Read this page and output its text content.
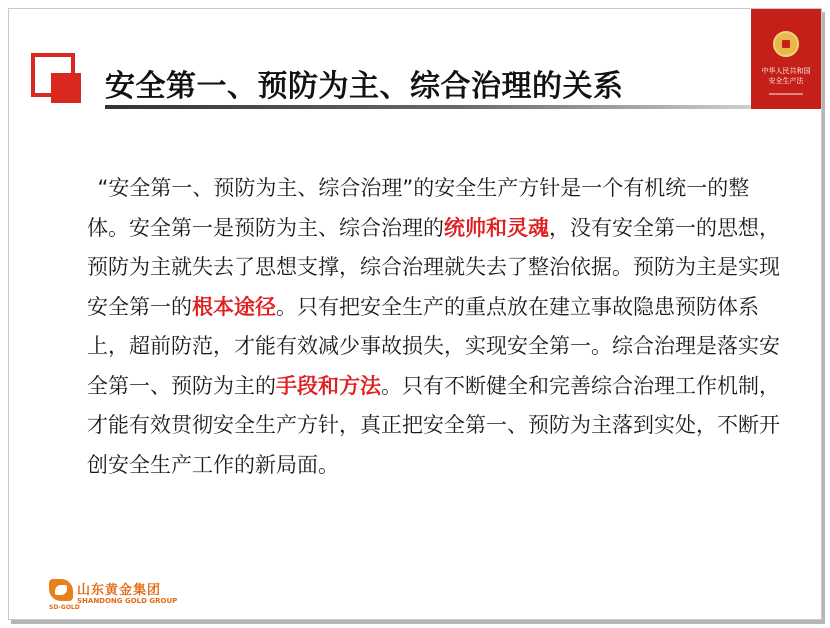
安全第一、预防为主、综合治理的关系	中华人民共和国
安全生产法
“安全第一、预防为主、综合治理”的安全生产方针是一个有机统一的整体。安全第一是预防为主、综合治理的统帅和灵魂，没有安全第一的思想，预防为主就失去了思想支撑，综合治理就失去了整治依据。预防为主是实现安全第一的根本途径。只有把安全生产的重点放在建立事故隐患预防体系上，超前防范，才能有效减少事故损失，实现安全第一。综合治理是落实安全第一、预防为主的手段和方法。只有不断健全和完善综合治理工作机制，才能有效贯彻安全生产方针，真正把安全第一、预防为主落到实处，不断开创安全生产工作的新局面。
山东黄金集团
SHANDONG GOLD GROUP
SD-GOLD
